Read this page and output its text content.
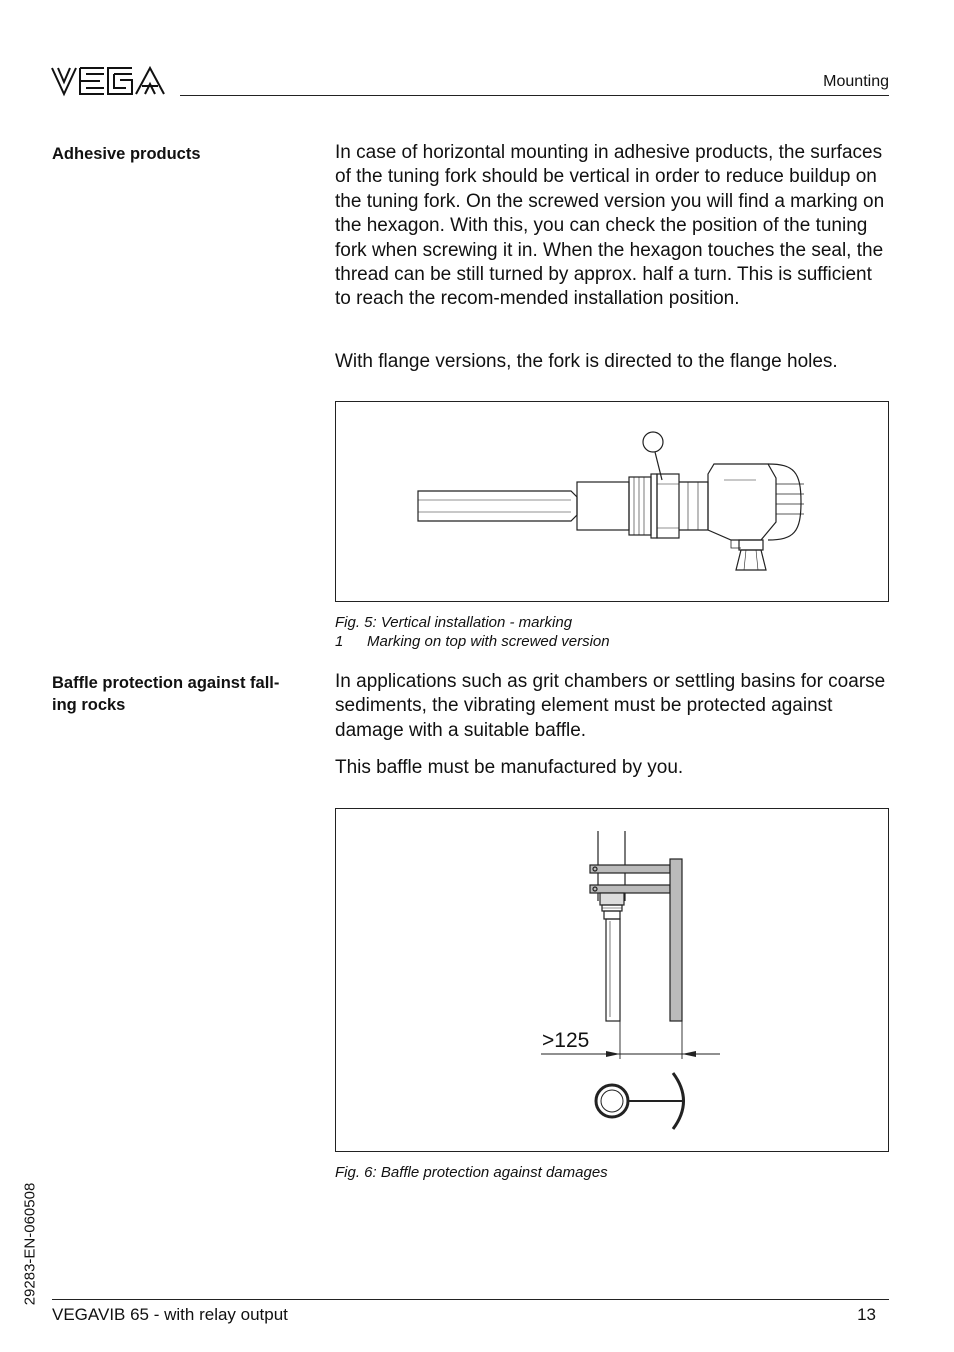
Mounting
Adhesive products	In case of horizontal mounting in adhesive products, the surfaces of the tuning fork should be vertical in order to reduce buildup on the tuning fork. On the screwed version you will find a marking on the hexagon. With this, you can check the position of the tuning fork when screwing it in. When the hexagon touches the seal, the thread can be still turned by approx. half a turn. This is sufficient to reach the recom-mended installation position.

With flange versions, the fork is directed to the flange holes.

Fig. 5: Vertical installation - marking
1 Marking on top with screwed version
Baffle protection against fall-
ing rocks

In applications such as grit chambers or settling basins for coarse sediments, the vibrating element must be protected against damage with a suitable baffle.

This baffle must be manufactured by you.

>125
Fig. 6: Baffle protection against damages
29283-EN-060508
VEGAVIB 65 - with relay output	13
